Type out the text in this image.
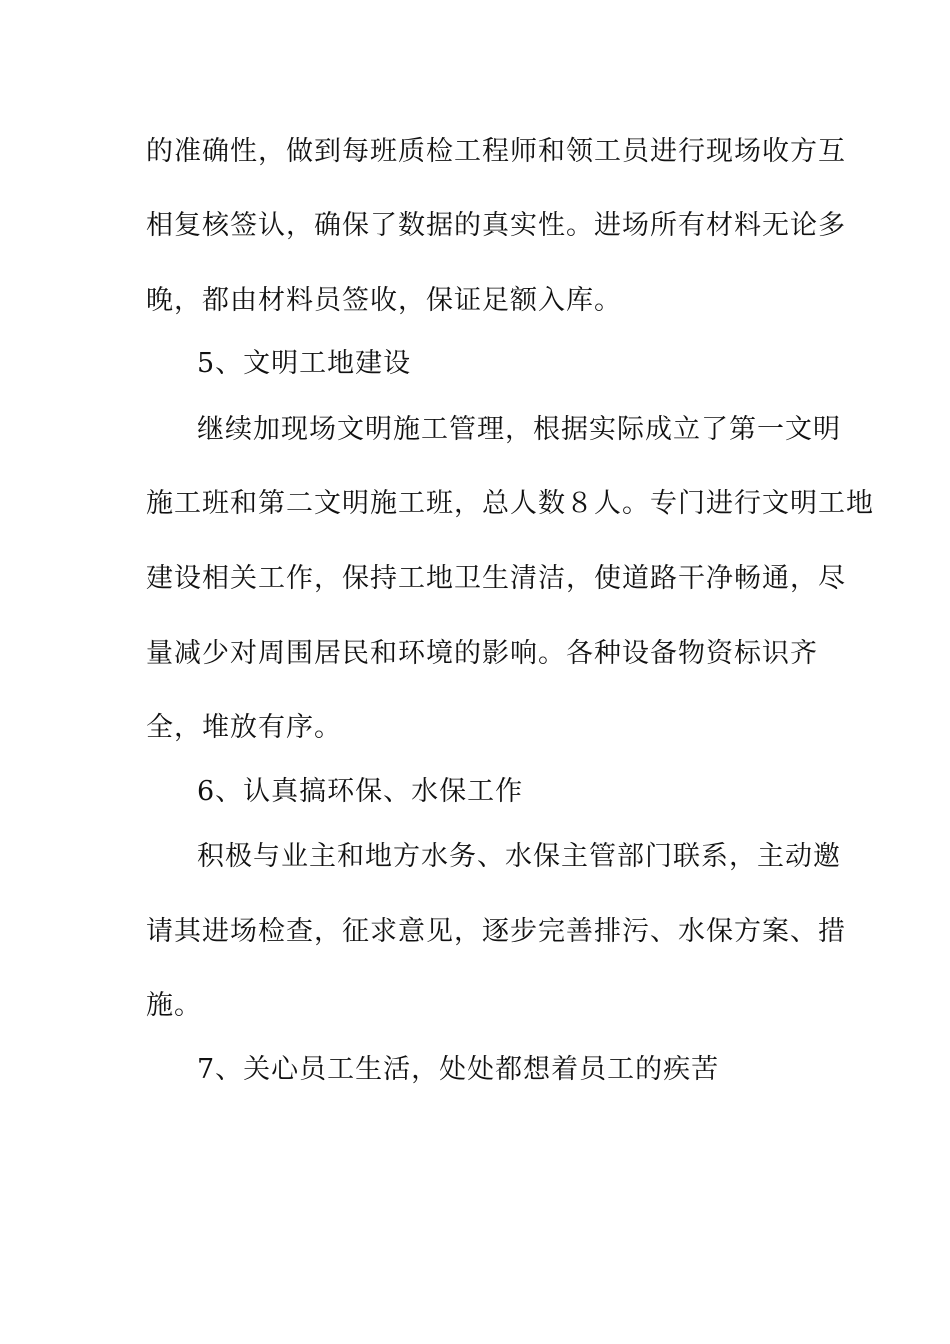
的准确性，做到每班质检工程师和领工员进行现场收方互
相复核签认，确保了数据的真实性。进场所有材料无论多
晚，都由材料员签收，保证足额入库。
5、文明工地建设
继续加现场文明施工管理，根据实际成立了第一文明
施工班和第二文明施工班，总人数８人。专门进行文明工地
建设相关工作，保持工地卫生清洁，使道路干净畅通，尽
量减少对周围居民和环境的影响。各种设备物资标识齐
全，堆放有序。
6、认真搞环保、水保工作
积极与业主和地方水务、水保主管部门联系，主动邀
请其进场检查，征求意见，逐步完善排污、水保方案、措
施。
7、关心员工生活，处处都想着员工的疾苦
